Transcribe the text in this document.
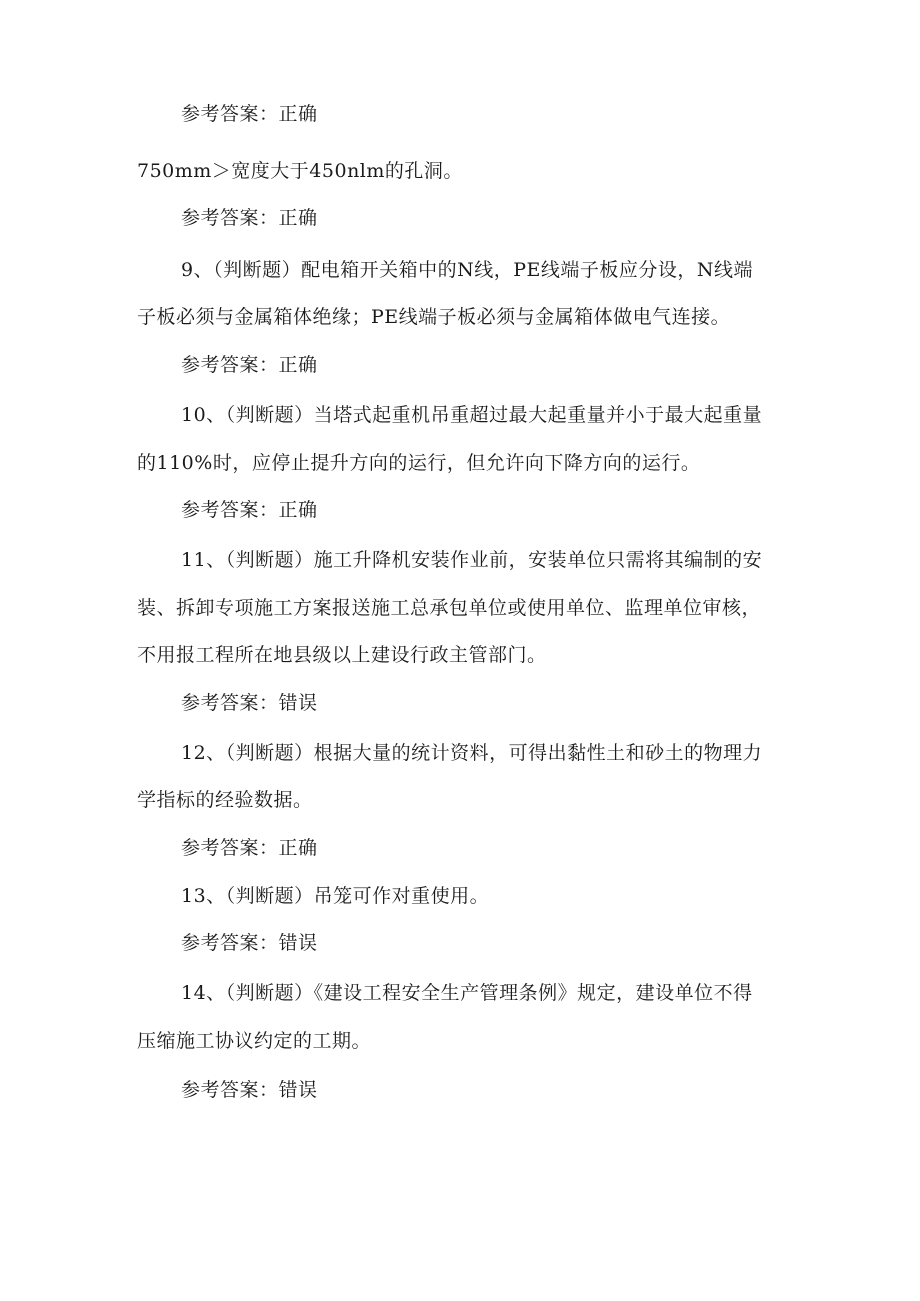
参考答案：正确
750mm＞宽度大于450nlm的孔洞。
参考答案：正确
9、（判断题）配电箱开关箱中的N线，PE线端子板应分设，N线端
子板必须与金属箱体绝缘；PE线端子板必须与金属箱体做电气连接。
参考答案：正确
10、（判断题）当塔式起重机吊重超过最大起重量并小于最大起重量
的110%时，应停止提升方向的运行，但允许向下降方向的运行。
参考答案：正确
11、（判断题）施工升降机安装作业前，安装单位只需将其编制的安
装、拆卸专项施工方案报送施工总承包单位或使用单位、监理单位审核，
不用报工程所在地县级以上建设行政主管部门。
参考答案：错误
12、（判断题）根据大量的统计资料，可得出黏性土和砂土的物理力
学指标的经验数据。
参考答案：正确
13、（判断题）吊笼可作对重使用。
参考答案：错误
14、（判断题）《建设工程安全生产管理条例》规定，建设单位不得
压缩施工协议约定的工期。
参考答案：错误
